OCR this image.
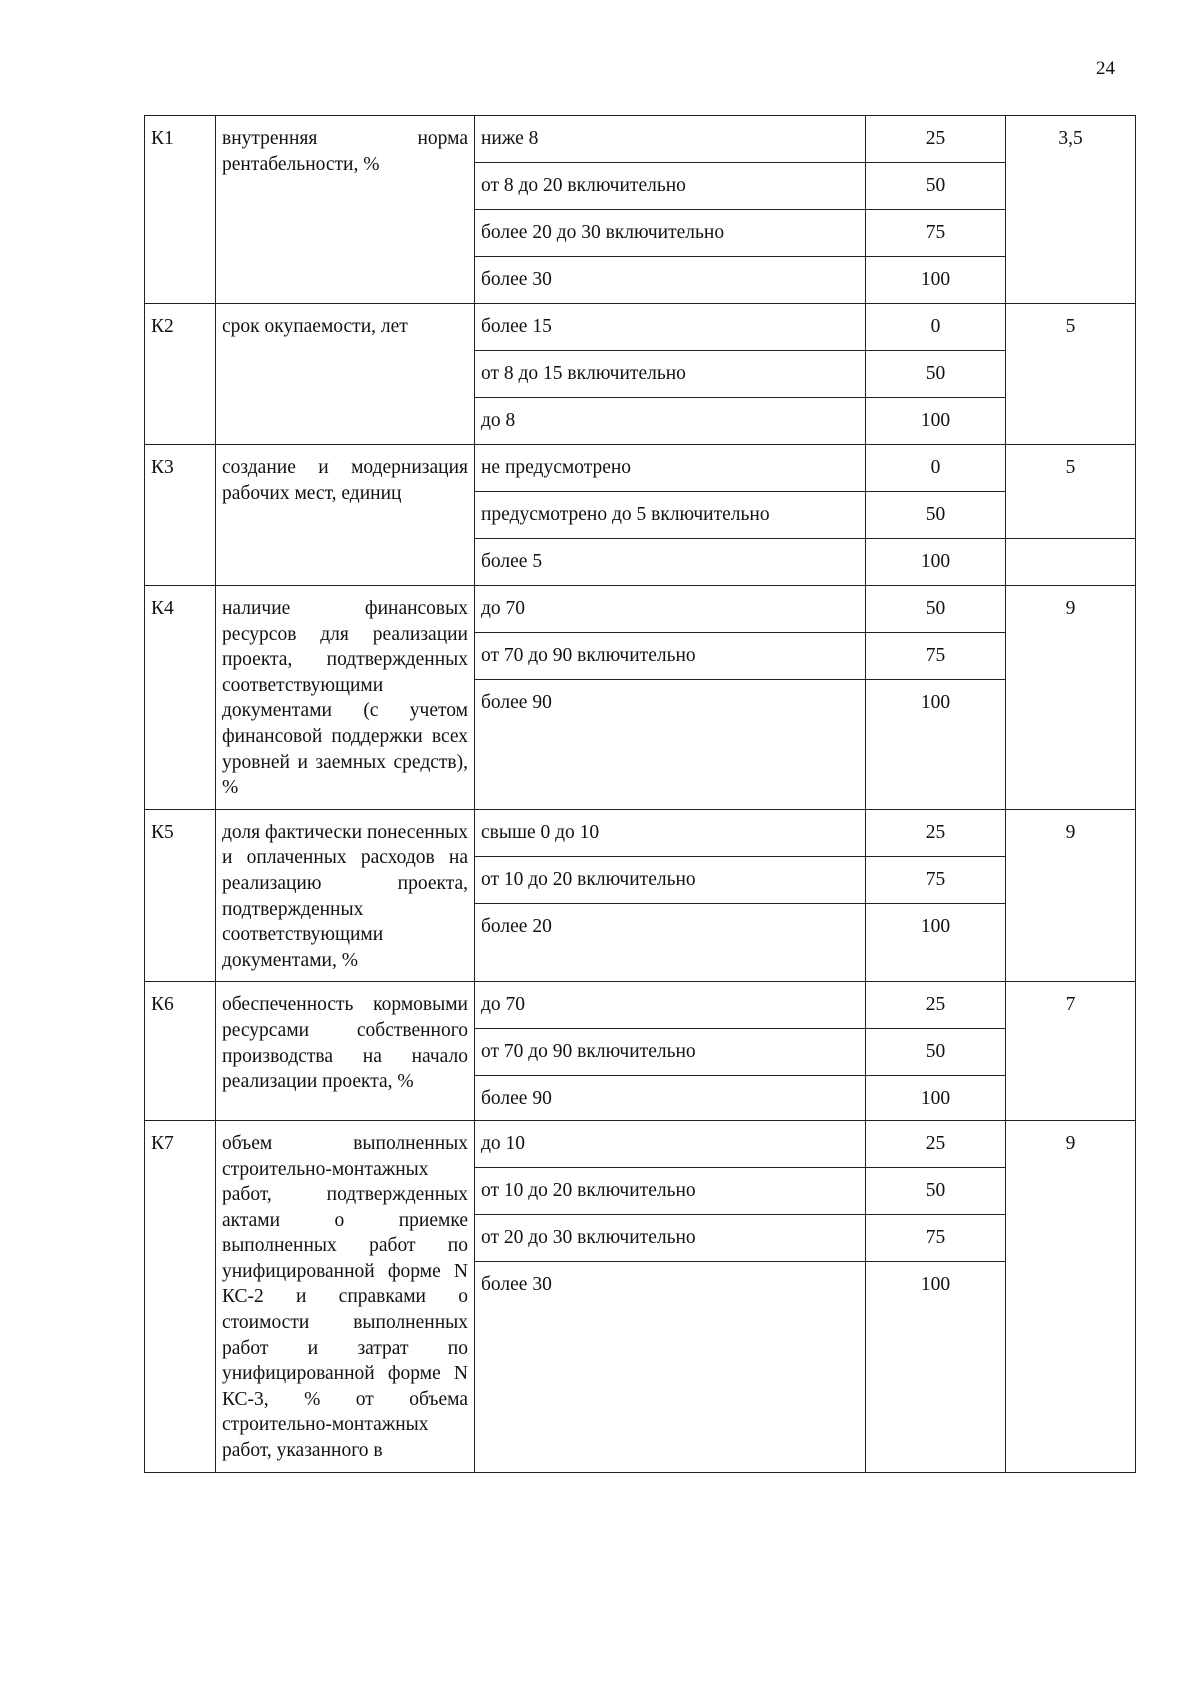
24
К1	внутренняя норма рентабельности, %	ниже 8	25	3,5
		от 8 до 20 включительно	50	
		более 20 до 30 включительно	75	
		более 30	100	
К2	срок окупаемости, лет	более 15	0	5
		от 8 до 15 включительно	50	
		до 8	100	
К3	создание и модернизация рабочих мест, единиц	не предусмотрено	0	5
		предусмотрено до 5 включительно	50	
		более 5	100	
К4	наличие финансовых ресурсов для реализации проекта, подтвержденных соответствующими документами (с учетом финансовой поддержки всех уровней и заемных средств), %	до 70	50	9
		от 70 до 90 включительно	75	
		более 90	100	
К5	доля фактически понесенных и оплаченных расходов на реализацию проекта, подтвержденных соответствующими документами, %	свыше 0 до 10	25	9
		от 10 до 20 включительно	75	
		более 20	100	
К6	обеспеченность кормовыми ресурсами собственного производства на начало реализации проекта, %	до 70	25	7
		от 70 до 90 включительно	50	
		более 90	100	
К7	объем выполненных строительно-монтажных работ, подтвержденных актами о приемке выполненных работ по унифицированной форме N КС-2 и справками о стоимости выполненных работ и затрат по унифицированной форме N КС-3, % от объема строительно-монтажных работ, указанного в	до 10	25	9
		от 10 до 20 включительно	50	
		от 20 до 30 включительно	75	
		более 30	100	
